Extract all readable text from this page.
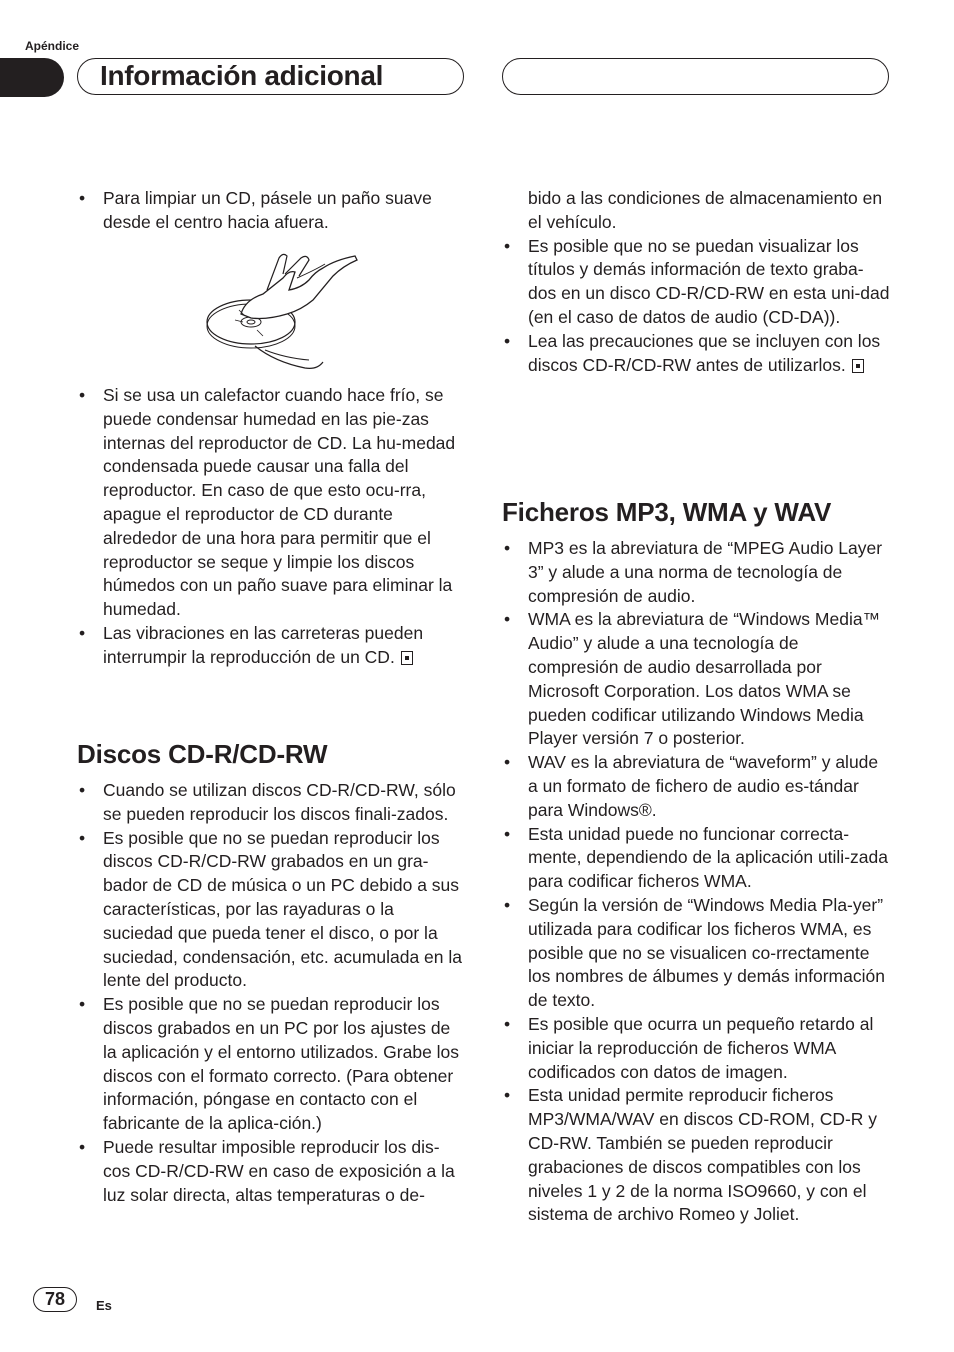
Apéndice
Información adicional
• Para limpiar un CD, pásele un paño suave desde el centro hacia afuera.
• Si se usa un calefactor cuando hace frío, se puede condensar humedad en las pie-zas internas del reproductor de CD. La hu-medad condensada puede causar una falla del reproductor. En caso de que esto ocu-rra, apague el reproductor de CD durante alrededor de una hora para permitir que el reproductor se seque y limpie los discos húmedos con un paño suave para eliminar la humedad.
• Las vibraciones en las carreteras pueden interrumpir la reproducción de un CD.
Discos CD-R/CD-RW
• Cuando se utilizan discos CD-R/CD-RW, sólo se pueden reproducir los discos finali-zados.
• Es posible que no se puedan reproducir los discos CD-R/CD-RW grabados en un gra-bador de CD de música o un PC debido a sus características, por las rayaduras o la suciedad que pueda tener el disco, o por la suciedad, condensación, etc. acumulada en la lente del producto.
• Es posible que no se puedan reproducir los discos grabados en un PC por los ajustes de la aplicación y el entorno utilizados. Grabe los discos con el formato correcto. (Para obtener información, póngase en contacto con el fabricante de la aplica-ción.)
• Puede resultar imposible reproducir los dis-cos CD-R/CD-RW en caso de exposición a la luz solar directa, altas temperaturas o de-
bido a las condiciones de almacenamiento en el vehículo.
• Es posible que no se puedan visualizar los títulos y demás información de texto graba-dos en un disco CD-R/CD-RW en esta uni-dad (en el caso de datos de audio (CD-DA)).
• Lea las precauciones que se incluyen con los discos CD-R/CD-RW antes de utilizarlos.
Ficheros MP3, WMA y WAV
• MP3 es la abreviatura de “MPEG Audio Layer 3” y alude a una norma de tecnología de compresión de audio.
• WMA es la abreviatura de “Windows Media™ Audio” y alude a una tecnología de compresión de audio desarrollada por Microsoft Corporation. Los datos WMA se pueden codificar utilizando Windows Media Player versión 7 o posterior.
• WAV es la abreviatura de “waveform” y alude a un formato de fichero de audio es-tándar para Windows®.
• Esta unidad puede no funcionar correcta-mente, dependiendo de la aplicación utili-zada para codificar ficheros WMA.
• Según la versión de “Windows Media Pla-yer” utilizada para codificar los ficheros WMA, es posible que no se visualicen co-rrectamente los nombres de álbumes y demás información de texto.
• Es posible que ocurra un pequeño retardo al iniciar la reproducción de ficheros WMA codificados con datos de imagen.
• Esta unidad permite reproducir ficheros MP3/WMA/WAV en discos CD-ROM, CD-R y CD-RW. También se pueden reproducir grabaciones de discos compatibles con los niveles 1 y 2 de la norma ISO9660, y con el sistema de archivo Romeo y Joliet.
78	Es
